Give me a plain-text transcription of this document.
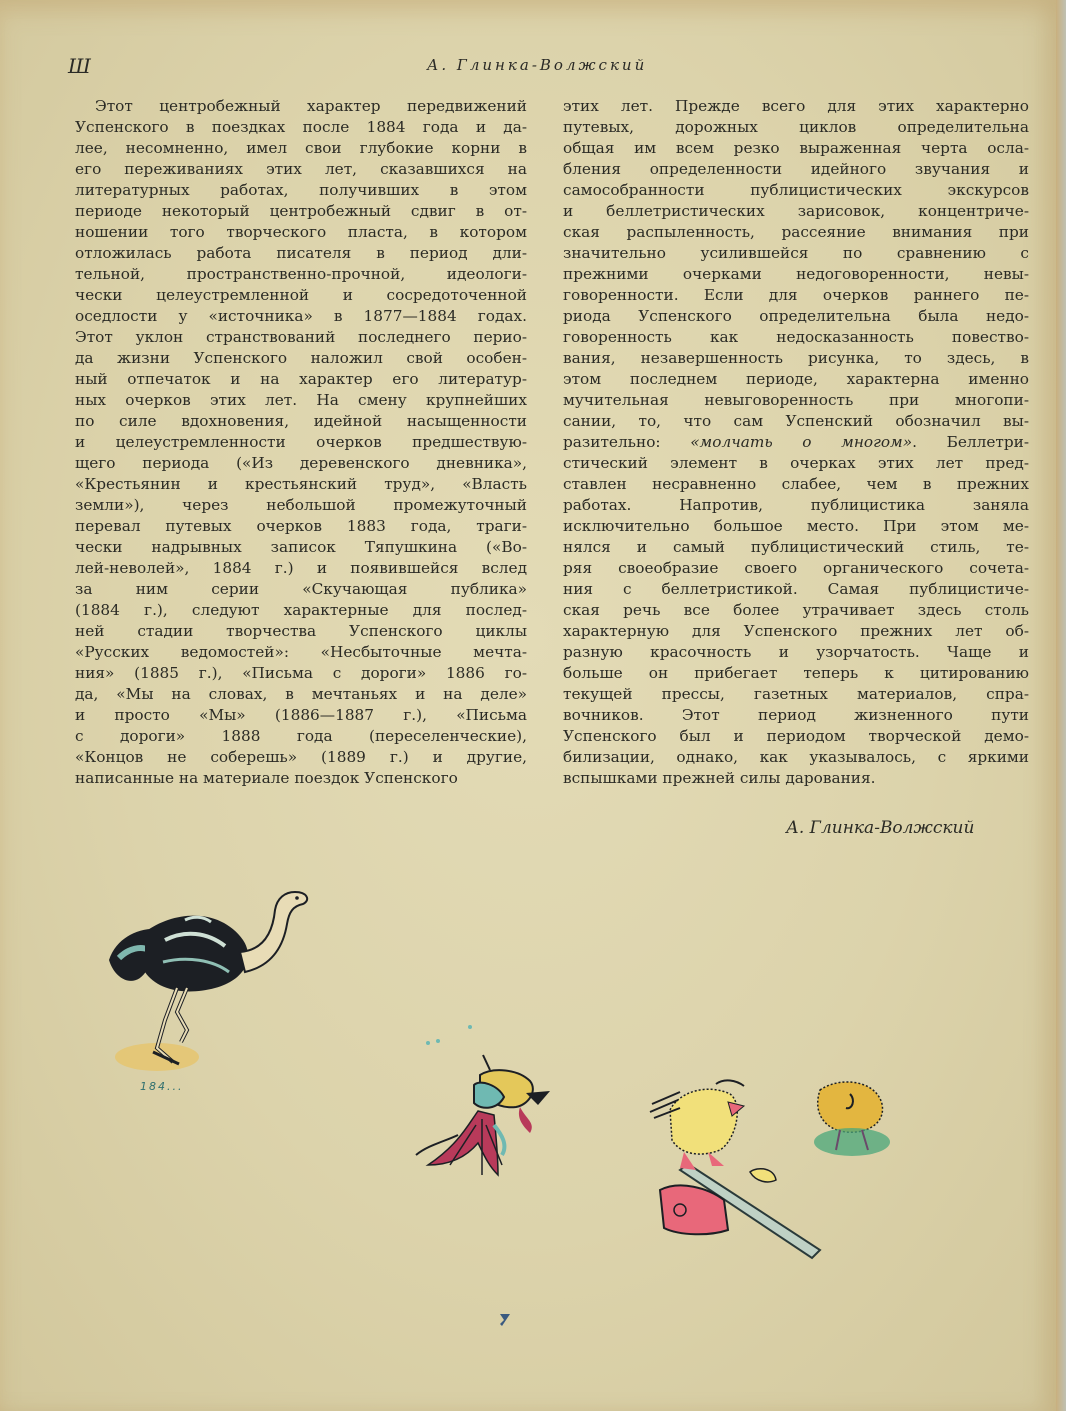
Ш	А. Глинка-Волжский
Этот центробежный характер передвижений
Успенского в поездках после 1884 года и да-
лее, несомненно, имел свои глубокие корни в
его переживаниях этих лет, сказавшихся на
литературных работах, получивших в этом
периоде некоторый центробежный сдвиг в от-
ношении того творческого пласта, в котором
отложилась работа писателя в период дли-
тельной, пространственно-прочной, идеологи-
чески целеустремленной и сосредоточенной
оседлости у «источника» в 1877—1884 годах.
Этот уклон странствований последнего перио-
да жизни Успенского наложил свой особен-
ный отпечаток и на характер его литератур-
ных очерков этих лет. На смену крупнейших
по силе вдохновения, идейной насыщенности
и целеустремленности очерков предшествую-
щего периода («Из деревенского дневника»,
«Крестьянин и крестьянский труд», «Власть
земли»), через небольшой промежуточный
перевал путевых очерков 1883 года, траги-
чески надрывных записок Тяпушкина («Во-
лей-неволей», 1884 г.) и появившейся вслед
за ним серии «Скучающая публика»
(1884 г.), следуют характерные для послед-
ней стадии творчества Успенского циклы
«Русских ведомостей»: «Несбыточные мечта-
ния» (1885 г.), «Письма с дороги» 1886 го-
да, «Мы на словах, в мечтаньях и на деле»
и просто «Мы» (1886—1887 г.), «Письма
с дороги» 1888 года (переселенческие),
«Концов не соберешь» (1889 г.) и другие,
написанные на материале поездок Успенского
этих лет. Прежде всего для этих характерно
путевых, дорожных циклов определительна
общая им всем резко выраженная черта осла-
бления определенности идейного звучания и
самособранности публицистических экскурсов
и беллетристических зарисовок, концентриче-
ская распыленность, рассеяние внимания при
значительно усилившейся по сравнению с
прежними очерками недоговоренности, невы-
говоренности. Если для очерков раннего пе-
риода Успенского определительна была недо-
говоренность как недосказанность повество-
вания, незавершенность рисунка, то здесь, в
этом последнем периоде, характерна именно
мучительная невыговоренность при многопи-
сании, то, что сам Успенский обозначил вы-
разительно: «молчать о многом». Беллетри-
стический элемент в очерках этих лет пред-
ставлен несравненно слабее, чем в прежних
работах. Напротив, публицистика заняла
исключительно большое место. При этом ме-
нялся и самый публицистический стиль, те-
ряя своеобразие своего органического сочета-
ния с беллетристикой. Самая публицистиче-
ская речь все более утрачивает здесь столь
характерную для Успенского прежних лет об-
разную красочность и узорчатость. Чаще и
больше он прибегает теперь к цитированию
текущей прессы, газетных материалов, спра-
вочников. Этот период жизненного пути
Успенского был и периодом творческой демо-
билизации, однако, как указывалось, с яркими
вспышками прежней силы дарования.
А. Глинка-Волжский
184...
